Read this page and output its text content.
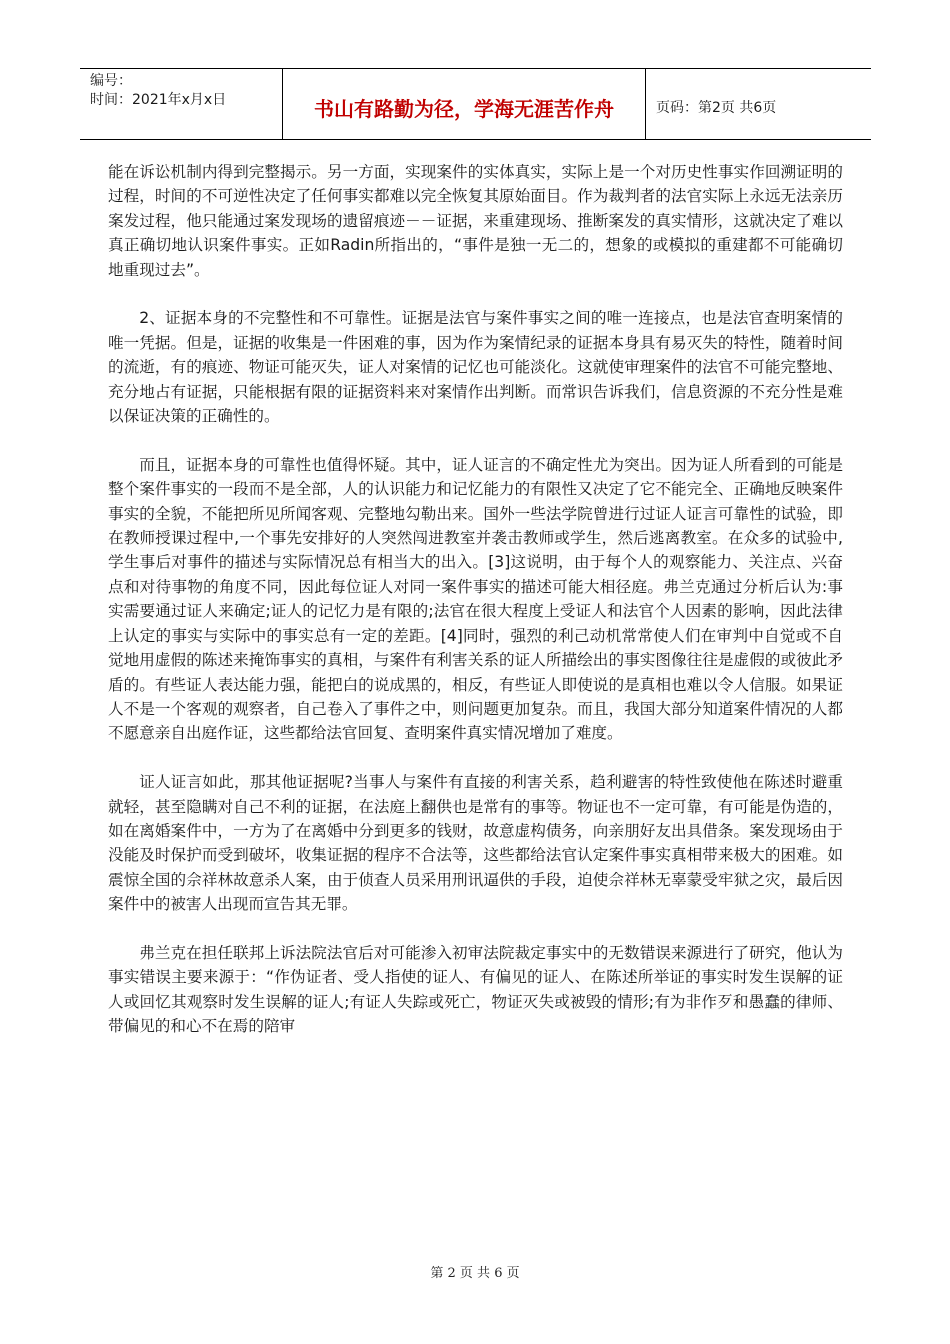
编号：
时间：2021年x月x日	书山有路勤为径，学海无涯苦作舟	页码：第2页 共6页

能在诉讼机制内得到完整揭示。另一方面，实现案件的实体真实，实际上是一个对历史性事实作回溯证明的过程，时间的不可逆性决定了任何事实都难以完全恢复其原始面目。作为裁判者的法官实际上永远无法亲历案发过程，他只能通过案发现场的遗留痕迹－－证据，来重建现场、推断案发的真实情形，这就决定了难以真正确切地认识案件事实。正如Radin所指出的，“事件是独一无二的，想象的或模拟的重建都不可能确切地重现过去”。

2、证据本身的不完整性和不可靠性。证据是法官与案件事实之间的唯一连接点，也是法官查明案情的唯一凭据。但是，证据的收集是一件困难的事，因为作为案情纪录的证据本身具有易灭失的特性，随着时间的流逝，有的痕迹、物证可能灭失，证人对案情的记忆也可能淡化。这就使审理案件的法官不可能完整地、充分地占有证据，只能根据有限的证据资料来对案情作出判断。而常识告诉我们，信息资源的不充分性是难以保证决策的正确性的。

而且，证据本身的可靠性也值得怀疑。其中，证人证言的不确定性尤为突出。因为证人所看到的可能是整个案件事实的一段而不是全部，人的认识能力和记忆能力的有限性又决定了它不能完全、正确地反映案件事实的全貌，不能把所见所闻客观、完整地勾勒出来。国外一些法学院曾进行过证人证言可靠性的试验，即在教师授课过程中,一个事先安排好的人突然闯进教室并袭击教师或学生，然后逃离教室。在众多的试验中,学生事后对事件的描述与实际情况总有相当大的出入。[3]这说明，由于每个人的观察能力、关注点、兴奋点和对待事物的角度不同，因此每位证人对同一案件事实的描述可能大相径庭。弗兰克通过分析后认为:事实需要通过证人来确定;证人的记忆力是有限的;法官在很大程度上受证人和法官个人因素的影响，因此法律上认定的事实与实际中的事实总有一定的差距。[4]同时，强烈的利己动机常常使人们在审判中自觉或不自觉地用虚假的陈述来掩饰事实的真相，与案件有利害关系的证人所描绘出的事实图像往往是虚假的或彼此矛盾的。有些证人表达能力强，能把白的说成黑的，相反，有些证人即使说的是真相也难以令人信服。如果证人不是一个客观的观察者，自己卷入了事件之中，则问题更加复杂。而且，我国大部分知道案件情况的人都不愿意亲自出庭作证，这些都给法官回复、查明案件真实情况增加了难度。

证人证言如此，那其他证据呢?当事人与案件有直接的利害关系，趋利避害的特性致使他在陈述时避重就轻，甚至隐瞒对自己不利的证据，在法庭上翻供也是常有的事等。物证也不一定可靠，有可能是伪造的，如在离婚案件中，一方为了在离婚中分到更多的钱财，故意虚构债务，向亲朋好友出具借条。案发现场由于没能及时保护而受到破坏，收集证据的程序不合法等，这些都给法官认定案件事实真相带来极大的困难。如震惊全国的佘祥林故意杀人案，由于侦查人员采用刑讯逼供的手段，迫使佘祥林无辜蒙受牢狱之灾，最后因案件中的被害人出现而宣告其无罪。

弗兰克在担任联邦上诉法院法官后对可能渗入初审法院裁定事实中的无数错误来源进行了研究，他认为事实错误主要来源于：“作伪证者、受人指使的证人、有偏见的证人、在陈述所举证的事实时发生误解的证人或回忆其观察时发生误解的证人;有证人失踪或死亡，物证灭失或被毁的情形;有为非作歹和愚蠢的律师、带偏见的和心不在焉的陪审

第 2 页 共 6 页
